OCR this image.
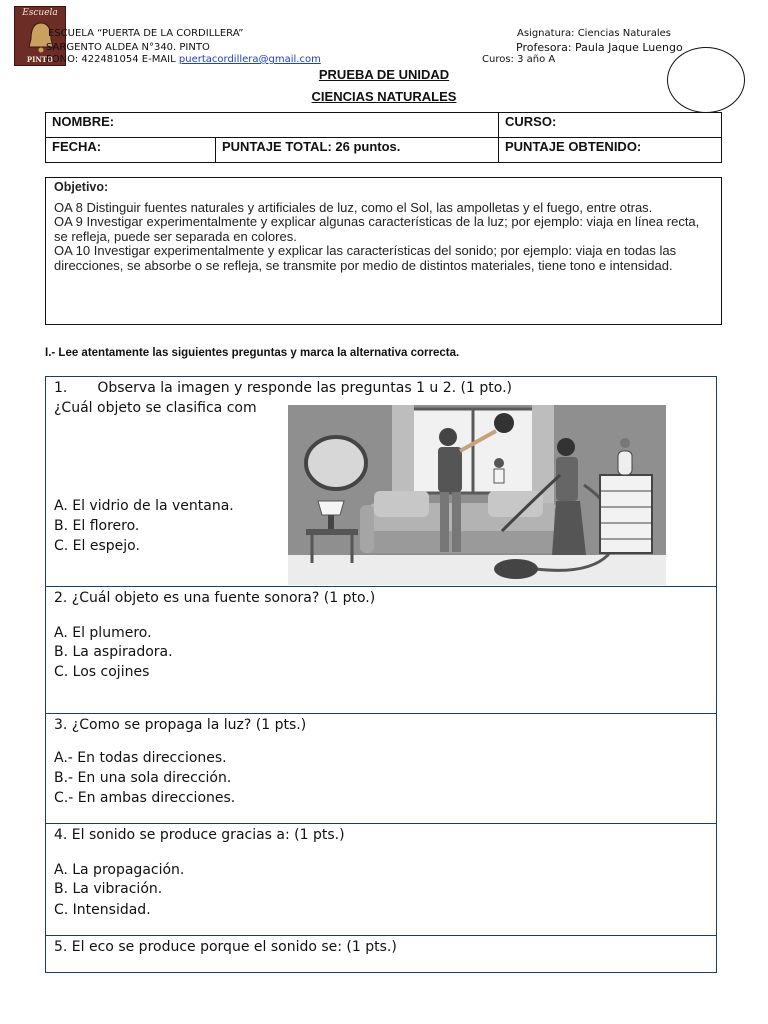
Escuela
PINTO
ESCUELA “PUERTA DE LA CORDILLERA”
SARGENTO ALDEA N°340. PINTO
FONO: 422481054 E-MAIL puertacordillera@gmail.com
Asignatura: Ciencias Naturales
Profesora: Paula Jaque Luengo
Curos: 3 año A
PRUEBA DE UNIDAD
CIENCIAS NATURALES
NOMBRE:		CURSO:
FECHA:	PUNTAJE TOTAL: 26 puntos.	PUNTAJE OBTENIDO:
Objetivo:

OA 8 Distinguir fuentes naturales y artificiales de luz, como el Sol, las ampolletas y el fuego, entre otras.

OA 9 Investigar experimentalmente y explicar algunas características de la luz; por ejemplo: viaja en línea recta, se refleja, puede ser separada en colores.

OA 10 Investigar experimentalmente y explicar las características del sonido; por ejemplo: viaja en todas las direcciones, se absorbe o se refleja, se transmite por medio de distintos materiales, tiene tono e intensidad.

I.- Lee atentamente las siguientes preguntas y marca la alternativa correcta.
1. Observa la imagen y responde las preguntas 1 u 2. (1 pto.)
¿Cuál objeto se clasifica com
A. El vidrio de la ventana.
B. El florero.
C. El espejo.
2. ¿Cuál objeto es una fuente sonora? (1 pto.)
A. El plumero.
B. La aspiradora.
C. Los cojines
3. ¿Como se propaga la luz? (1 pts.)
A.- En todas direcciones.
B.- En una sola dirección.
C.- En ambas direcciones.
4. El sonido se produce gracias a: (1 pts.)
A. La propagación.
B. La vibración.
C. Intensidad.
5. El eco se produce porque el sonido se: (1 pts.)
